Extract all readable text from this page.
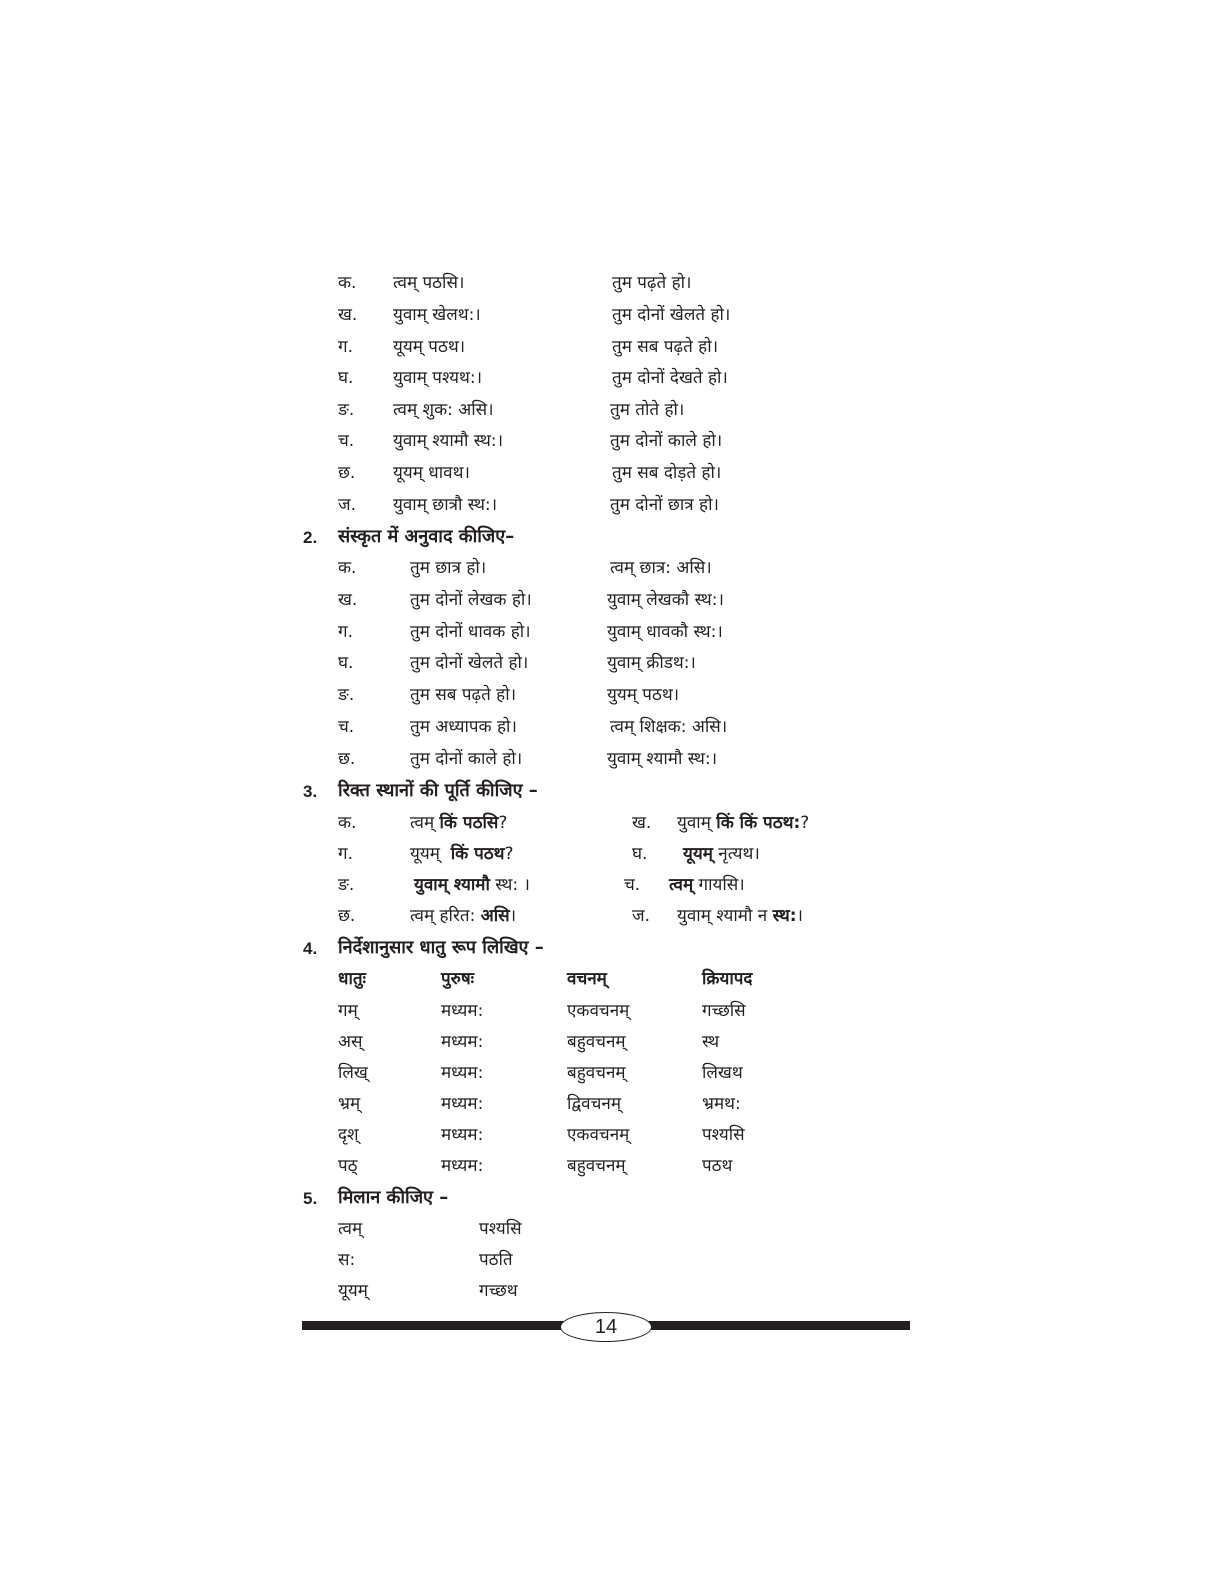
क. त्वम् पठसि।	तुम पढ़ते हो।
ख. युवाम् खेलथ:।	तुम दोनों खेलते हो।
ग. यूयम् पठथ।	तुम सब पढ़ते हो।
घ. युवाम् पश्यथ:।	तुम दोनों देखते हो।
ङ. त्वम् शुक: असि।	तुम तोते हो।
च. युवाम् श्यामौ स्थ:।	तुम दोनों काले हो।
छ. यूयम् धावथ।	तुम सब दोड़ते हो।
ज. युवाम् छात्रौ स्थ:।	तुम दोनों छात्र हो।
2. संस्कृत में अनुवाद कीजिए–
क.	तुम छात्र हो।	त्वम् छात्र: असि।
ख.	तुम दोनों लेखक हो।	युवाम् लेखकौ स्थ:।
ग.	तुम दोनों धावक हो।	युवाम् धावकौ स्थ:।
घ.	तुम दोनों खेलते हो।	युवाम् क्रीडथ:।
ङ.	तुम सब पढ़ते हो।	युयम् पठथ।
च.	तुम अध्यापक हो।	त्वम् शिक्षक: असि।
छ.	तुम दोनों काले हो।	युवाम् श्यामौ स्थ:।
3. रिक्त स्थानों की पूर्ति कीजिए –
क.	त्वम् किं पठसि?	ख. युवाम् किं किं पठथ:?
ग.	यूयम् किं पठथ?	घ. यूयम् नृत्यथ।
ङ.	युवाम् श्यामौ स्थ: ।	च. त्वम् गायसि।
छ.	त्वम् हरित: असि।	ज. युवाम् श्यामौ न स्थ:।
4. निर्देशानुसार धातु रूप लिखिए –
धातुः	पुरुषः	वचनम्	क्रियापद
गम्	मध्यम:	एकवचनम्	गच्छसि
अस्	मध्यम:	बहुवचनम्	स्थ
लिख्	मध्यम:	बहुवचनम्	लिखथ
भ्रम्	मध्यम:	द्विवचनम्	भ्रमथ:
दृश्	मध्यम:	एकवचनम्	पश्यसि
पठ्	मध्यम:	बहुवचनम्	पठथ
5. मिलान कीजिए –
त्वम्	पश्यसि
स:	पठति
यूयम्	गच्छथ
14
